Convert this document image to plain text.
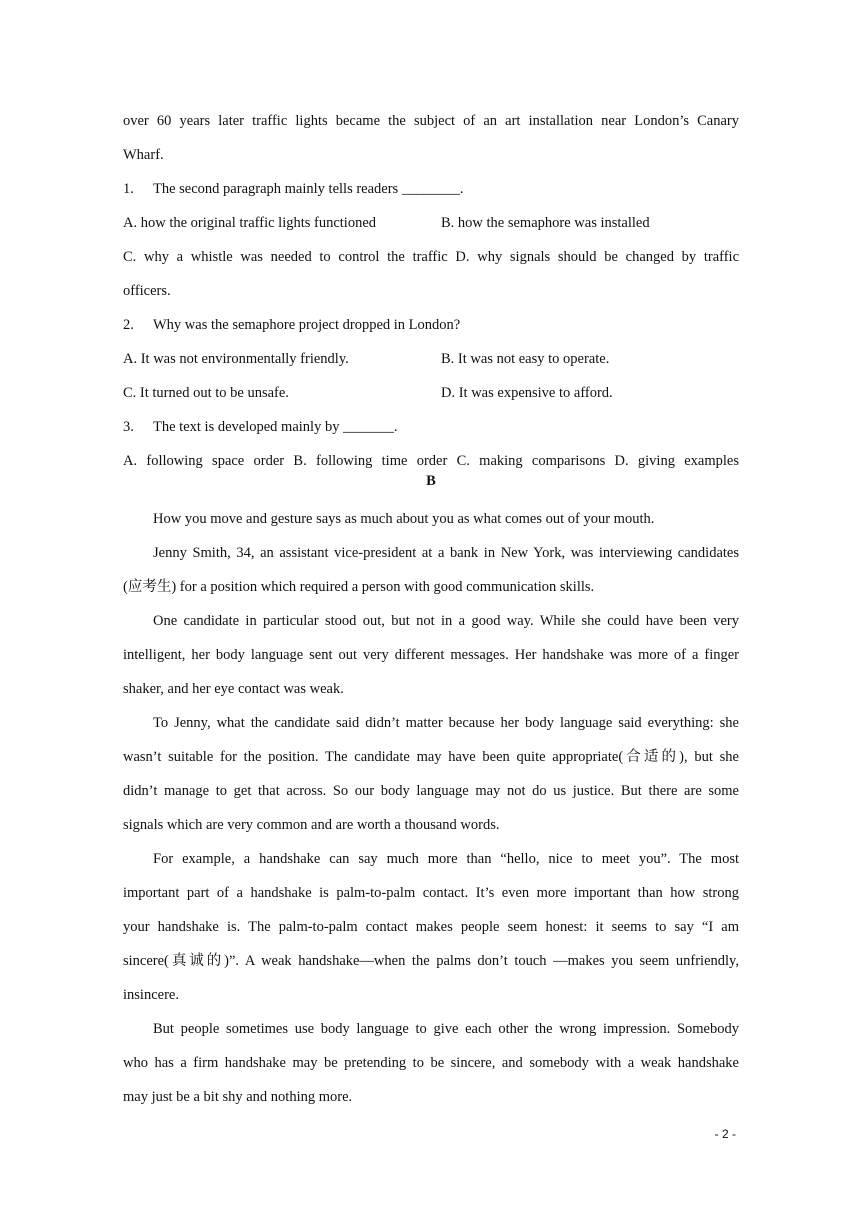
over 60 years later traffic lights became the subject of an art installation near London’s Canary

Wharf.

1. The second paragraph mainly tells readers ________.

A. how the original traffic lights functioned	B. how the semaphore was installed

C. why a whistle was needed to control the traffic D. why signals should be changed by traffic

officers.

2. Why was the semaphore project dropped in London?

A. It was not environmentally friendly.	B. It was not easy to operate.
C. It turned out to be unsafe.	D. It was expensive to afford.

3. The text is developed mainly by _______.

A. following space order B. following time order C. making comparisons D. giving examples

B

How you move and gesture says as much about you as what comes out of your mouth.

Jenny Smith, 34, an assistant vice-president at a bank in New York, was interviewing candidates

(应考生) for a position which required a person with good communication skills.

One candidate in particular stood out, but not in a good way. While she could have been very

intelligent, her body language sent out very different messages. Her handshake was more of a finger

shaker, and her eye contact was weak.

To Jenny, what the candidate said didn’t matter because her body language said everything: she

wasn’t suitable for the position. The candidate may have been quite appropriate(合适的), but she

didn’t manage to get that across. So our body language may not do us justice. But there are some

signals which are very common and are worth a thousand words.

For example, a handshake can say much more than “hello, nice to meet you”. The most

important part of a handshake is palm-to-palm contact. It’s even more important than how strong

your handshake is. The palm-to-palm contact makes people seem honest: it seems to say “I am

sincere(真诚的)”. A weak handshake—when the palms don’t touch —makes you seem unfriendly,

insincere.

But people sometimes use body language to give each other the wrong impression. Somebody

who has a firm handshake may be pretending to be sincere, and somebody with a weak handshake

may just be a bit shy and nothing more.

- 2 -
